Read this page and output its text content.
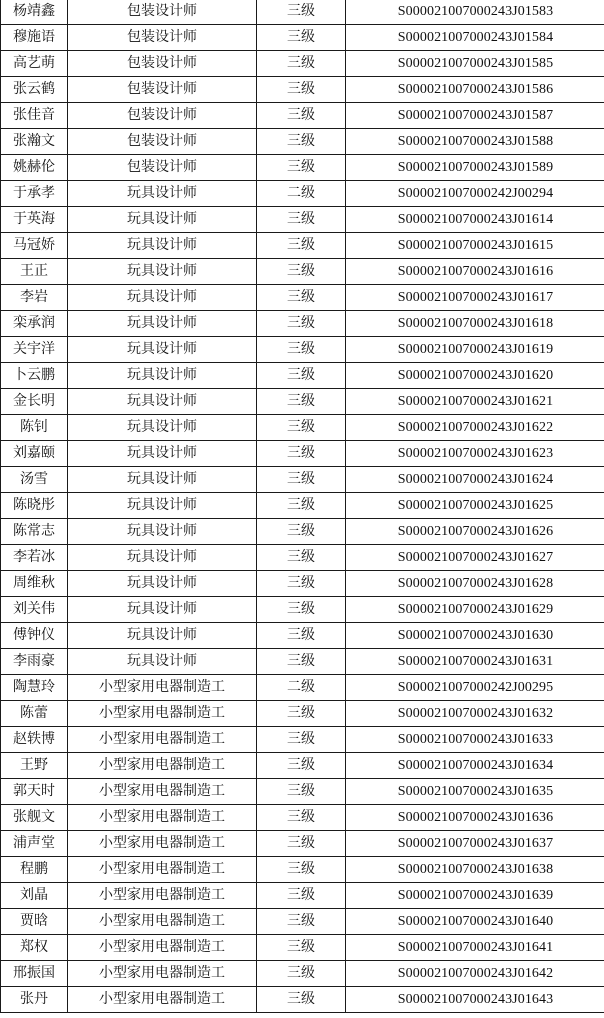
杨靖鑫	包装设计师	三级	S000021007000243J01583
穆施语	包装设计师	三级	S000021007000243J01584
高艺萌	包装设计师	三级	S000021007000243J01585
张云鹤	包装设计师	三级	S000021007000243J01586
张佳音	包装设计师	三级	S000021007000243J01587
张瀚文	包装设计师	三级	S000021007000243J01588
姚赫伦	包装设计师	三级	S000021007000243J01589
于承孝	玩具设计师	二级	S000021007000242J00294
于英海	玩具设计师	三级	S000021007000243J01614
马冠娇	玩具设计师	三级	S000021007000243J01615
王正	玩具设计师	三级	S000021007000243J01616
李岩	玩具设计师	三级	S000021007000243J01617
栾承润	玩具设计师	三级	S000021007000243J01618
关宇洋	玩具设计师	三级	S000021007000243J01619
卜云鹏	玩具设计师	三级	S000021007000243J01620
金长明	玩具设计师	三级	S000021007000243J01621
陈钊	玩具设计师	三级	S000021007000243J01622
刘嘉颐	玩具设计师	三级	S000021007000243J01623
汤雪	玩具设计师	三级	S000021007000243J01624
陈晓彤	玩具设计师	三级	S000021007000243J01625
陈常志	玩具设计师	三级	S000021007000243J01626
李若冰	玩具设计师	三级	S000021007000243J01627
周维秋	玩具设计师	三级	S000021007000243J01628
刘关伟	玩具设计师	三级	S000021007000243J01629
傅钟仪	玩具设计师	三级	S000021007000243J01630
李雨豪	玩具设计师	三级	S000021007000243J01631
陶慧玲	小型家用电器制造工	二级	S000021007000242J00295
陈蕾	小型家用电器制造工	三级	S000021007000243J01632
赵轶博	小型家用电器制造工	三级	S000021007000243J01633
王野	小型家用电器制造工	三级	S000021007000243J01634
郭天时	小型家用电器制造工	三级	S000021007000243J01635
张舰文	小型家用电器制造工	三级	S000021007000243J01636
浦声堂	小型家用电器制造工	三级	S000021007000243J01637
程鹏	小型家用电器制造工	三级	S000021007000243J01638
刘晶	小型家用电器制造工	三级	S000021007000243J01639
贾晗	小型家用电器制造工	三级	S000021007000243J01640
郑权	小型家用电器制造工	三级	S000021007000243J01641
邢振国	小型家用电器制造工	三级	S000021007000243J01642
张丹	小型家用电器制造工	三级	S000021007000243J01643
